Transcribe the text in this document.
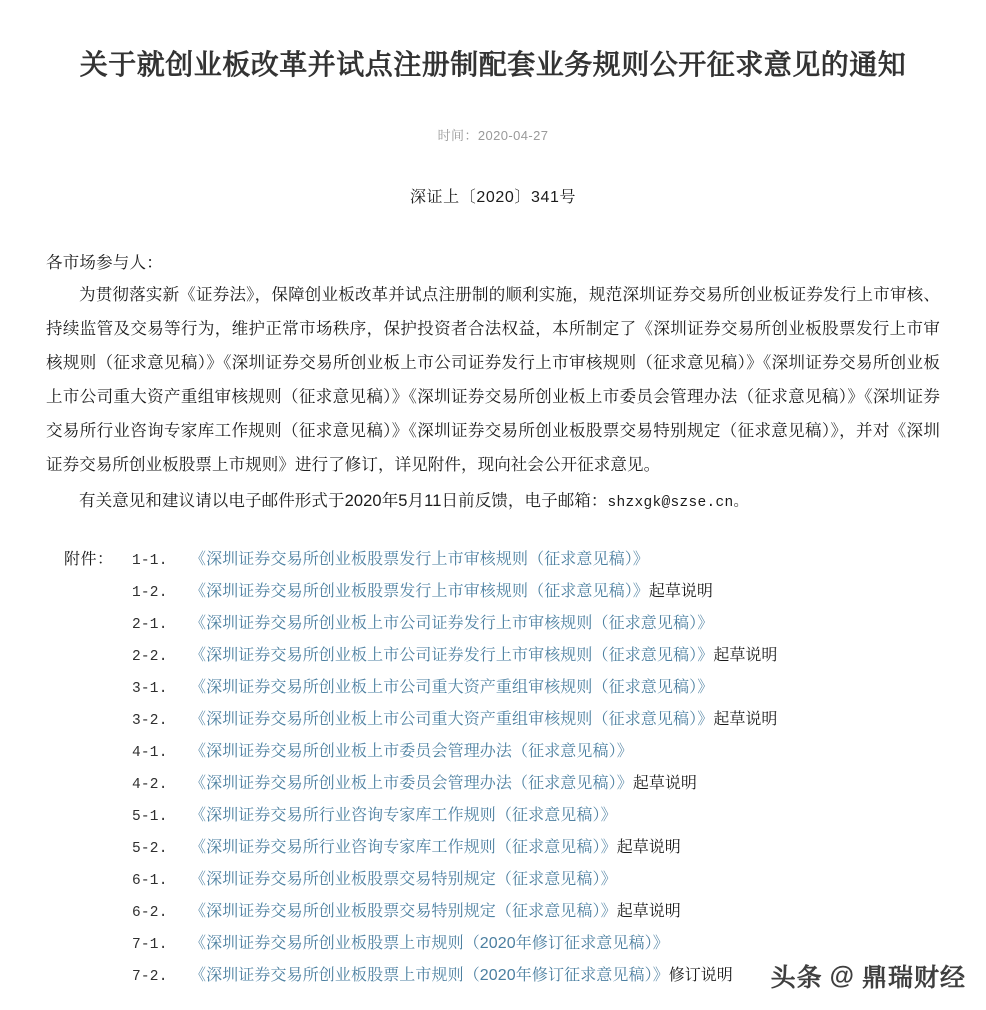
关于就创业板改革并试点注册制配套业务规则公开征求意见的通知
时间：2020-04-27
深证上〔2020〕341号

各市场参与人：

为贯彻落实新《证券法》，保障创业板改革并试点注册制的顺利实施，规范深圳证券交易所创业板证券发行上市审核、持续监管及交易等行为，维护正常市场秩序，保护投资者合法权益，本所制定了《深圳证券交易所创业板股票发行上市审核规则（征求意见稿）》《深圳证券交易所创业板上市公司证券发行上市审核规则（征求意见稿）》《深圳证券交易所创业板上市公司重大资产重组审核规则（征求意见稿）》《深圳证券交易所创业板上市委员会管理办法（征求意见稿）》《深圳证券交易所行业咨询专家库工作规则（征求意见稿）》《深圳证券交易所创业板股票交易特别规定（征求意见稿）》，并对《深圳证券交易所创业板股票上市规则》进行了修订，详见附件，现向社会公开征求意见。

有关意见和建议请以电子邮件形式于2020年5月11日前反馈，电子邮箱：shzxgk@szse.cn。

附件：	1-1.	《深圳证券交易所创业板股票发行上市审核规则（征求意见稿）》
1-2.	《深圳证券交易所创业板股票发行上市审核规则（征求意见稿）》 起草说明
2-1.	《深圳证券交易所创业板上市公司证券发行上市审核规则（征求意见稿）》
2-2.	《深圳证券交易所创业板上市公司证券发行上市审核规则（征求意见稿）》 起草说明
3-1.	《深圳证券交易所创业板上市公司重大资产重组审核规则（征求意见稿）》
3-2.	《深圳证券交易所创业板上市公司重大资产重组审核规则（征求意见稿）》 起草说明
4-1.	《深圳证券交易所创业板上市委员会管理办法（征求意见稿）》
4-2.	《深圳证券交易所创业板上市委员会管理办法（征求意见稿）》 起草说明
5-1.	《深圳证券交易所行业咨询专家库工作规则（征求意见稿）》
5-2.	《深圳证券交易所行业咨询专家库工作规则（征求意见稿）》 起草说明
6-1.	《深圳证券交易所创业板股票交易特别规定（征求意见稿）》
6-2.	《深圳证券交易所创业板股票交易特别规定（征求意见稿）》 起草说明
7-1.	《深圳证券交易所创业板股票上市规则（2020年修订征求意见稿）》
7-2.	《深圳证券交易所创业板股票上市规则（2020年修订征求意见稿）》 修订说明 头条 @ 鼎瑞财经
